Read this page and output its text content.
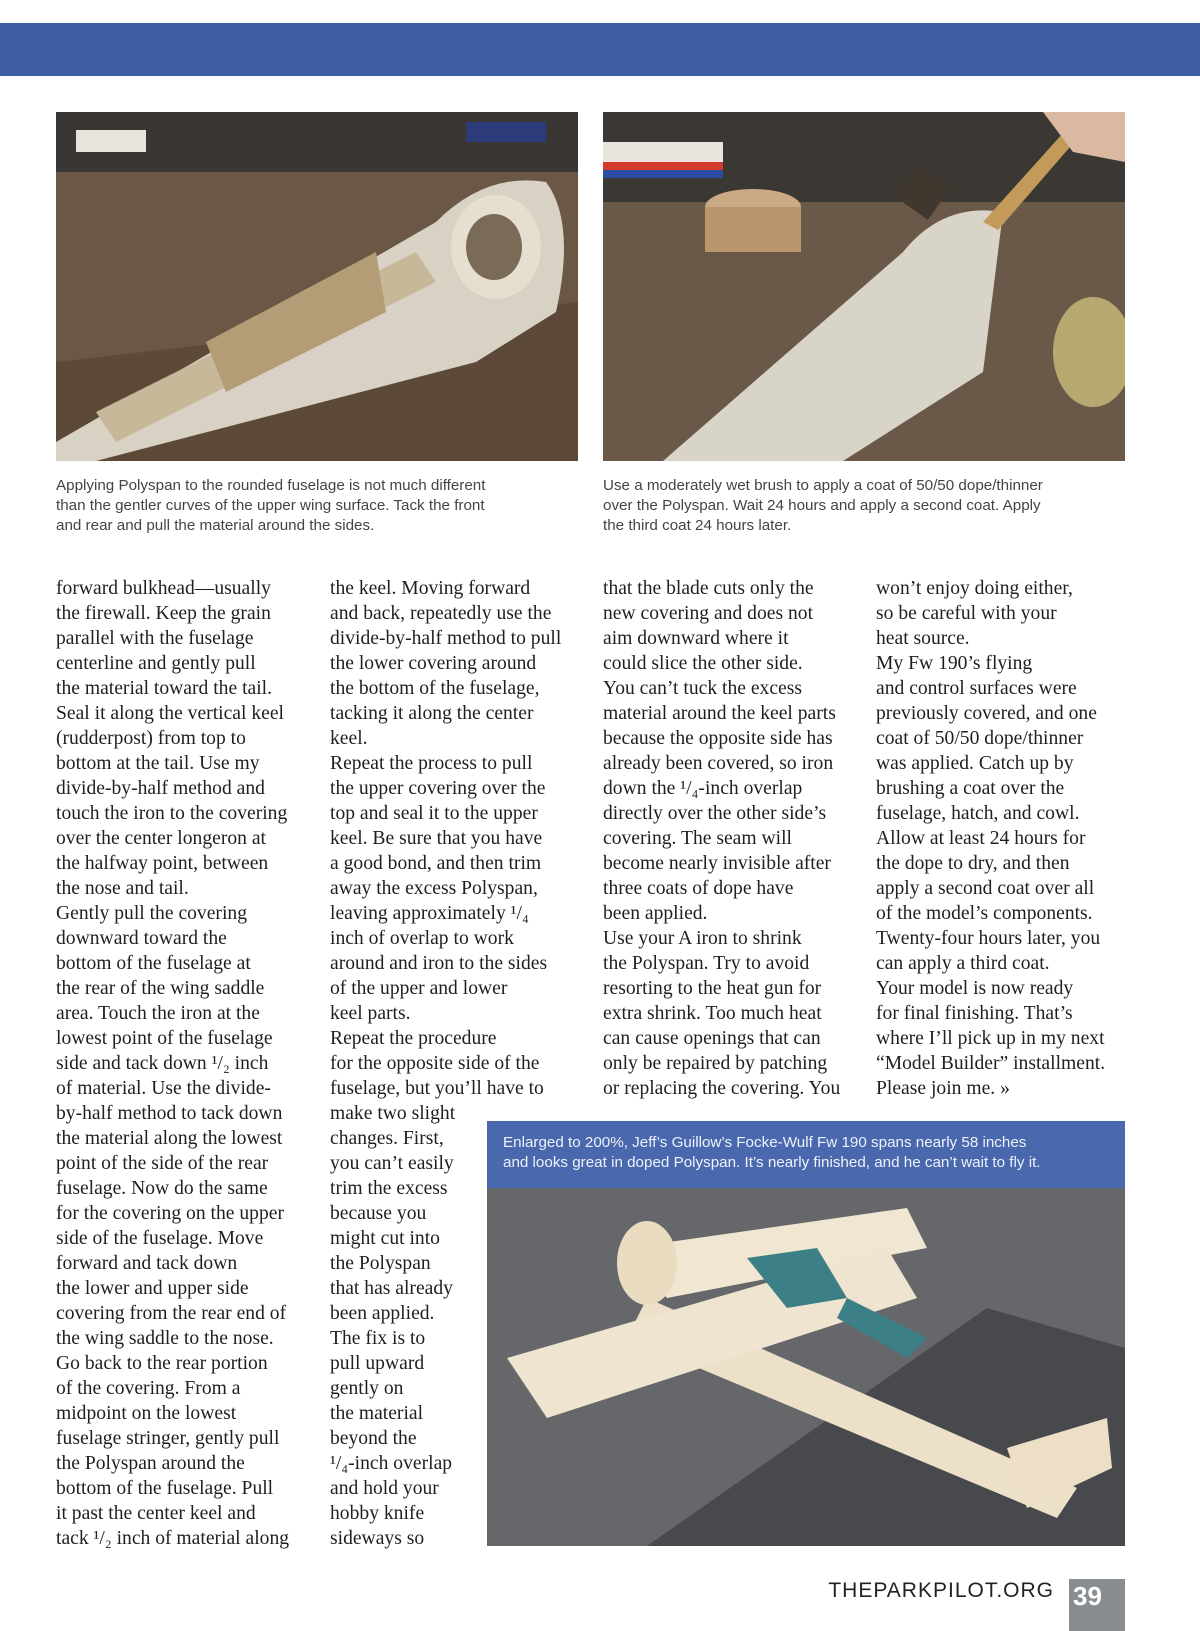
Applying Polyspan to the rounded fuselage is not much different
than the gentler curves of the upper wing surface. Tack the front
and rear and pull the material around the sides.
Use a moderately wet brush to apply a coat of 50/50 dope/thinner
over the Polyspan. Wait 24 hours and apply a second coat. Apply
the third coat 24 hours later.
forward bulkhead—usually
the firewall. Keep the grain
parallel with the fuselage
centerline and gently pull
the material toward the tail.
Seal it along the vertical keel
(rudderpost) from top to
bottom at the tail. Use my
divide-by-half method and
touch the iron to the covering
over the center longeron at
the halfway point, between
the nose and tail.
Gently pull the covering
downward toward the
bottom of the fuselage at
the rear of the wing saddle
area. Touch the iron at the
lowest point of the fuselage
side and tack down ¹/₂ inch
of material. Use the divide-
by-half method to tack down
the material along the lowest
point of the side of the rear
fuselage. Now do the same
for the covering on the upper
side of the fuselage. Move
forward and tack down
the lower and upper side
covering from the rear end of
the wing saddle to the nose.
Go back to the rear portion
of the covering. From a
midpoint on the lowest
fuselage stringer, gently pull
the Polyspan around the
bottom of the fuselage. Pull
it past the center keel and
tack ¹/₂ inch of material along
the keel. Moving forward
and back, repeatedly use the
divide-by-half method to pull
the lower covering around
the bottom of the fuselage,
tacking it along the center
keel.
Repeat the process to pull
the upper covering over the
top and seal it to the upper
keel. Be sure that you have
a good bond, and then trim
away the excess Polyspan,
leaving approximately ¹/₄
inch of overlap to work
around and iron to the sides
of the upper and lower
keel parts.
Repeat the procedure
for the opposite side of the
fuselage, but you’ll have to
make two slight
changes. First,
you can’t easily
trim the excess
because you
might cut into
the Polyspan
that has already
been applied.
The fix is to
pull upward
gently on
the material
beyond the
¹/₄-inch overlap
and hold your
hobby knife
sideways so
that the blade cuts only the
new covering and does not
aim downward where it
could slice the other side.
You can’t tuck the excess
material around the keel parts
because the opposite side has
already been covered, so iron
down the ¹/₄-inch overlap
directly over the other side’s
covering. The seam will
become nearly invisible after
three coats of dope have
been applied.
Use your A iron to shrink
the Polyspan. Try to avoid
resorting to the heat gun for
extra shrink. Too much heat
can cause openings that can
only be repaired by patching
or replacing the covering. You
won’t enjoy doing either,
so be careful with your
heat source.
My Fw 190’s flying
and control surfaces were
previously covered, and one
coat of 50/50 dope/thinner
was applied. Catch up by
brushing a coat over the
fuselage, hatch, and cowl.
Allow at least 24 hours for
the dope to dry, and then
apply a second coat over all
of the model’s components.
Twenty-four hours later, you
can apply a third coat.
Your model is now ready
for final finishing. That’s
where I’ll pick up in my next
“Model Builder” installment.
Please join me. »
Enlarged to 200%, Jeff’s Guillow’s Focke-Wulf Fw 190 spans nearly 58 inches
and looks great in doped Polyspan. It’s nearly finished, and he can’t wait to fly it.
THEPARKPILOT.ORG 39
